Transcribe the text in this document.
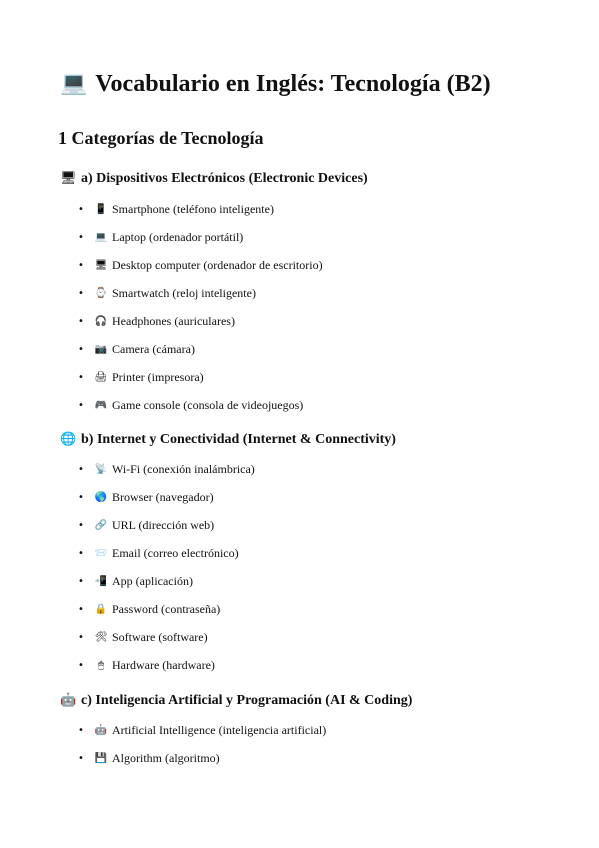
💻 Vocabulario en Inglés: Tecnología (B2)
1 Categorías de Tecnología
🖥 a) Dispositivos Electrónicos (Electronic Devices)
•	📱 Smartphone (teléfono inteligente)
•	💻 Laptop (ordenador portátil)
•	🖥 Desktop computer (ordenador de escritorio)
•	⌚ Smartwatch (reloj inteligente)
•	🎧 Headphones (auriculares)
•	📷 Camera (cámara)
•	🖨 Printer (impresora)
•	🎮 Game console (consola de videojuegos)
🌐 b) Internet y Conectividad (Internet & Connectivity)
•	📡 Wi-Fi (conexión inalámbrica)
•	🌎 Browser (navegador)
•	🔗 URL (dirección web)
•	📨 Email (correo electrónico)
•	📲 App (aplicación)
•	🔒 Password (contraseña)
•	🛠 Software (software)
•	🖱 Hardware (hardware)
🤖 c) Inteligencia Artificial y Programación (AI & Coding)
•	🤖 Artificial Intelligence (inteligencia artificial)
•	💾 Algorithm (algoritmo)
